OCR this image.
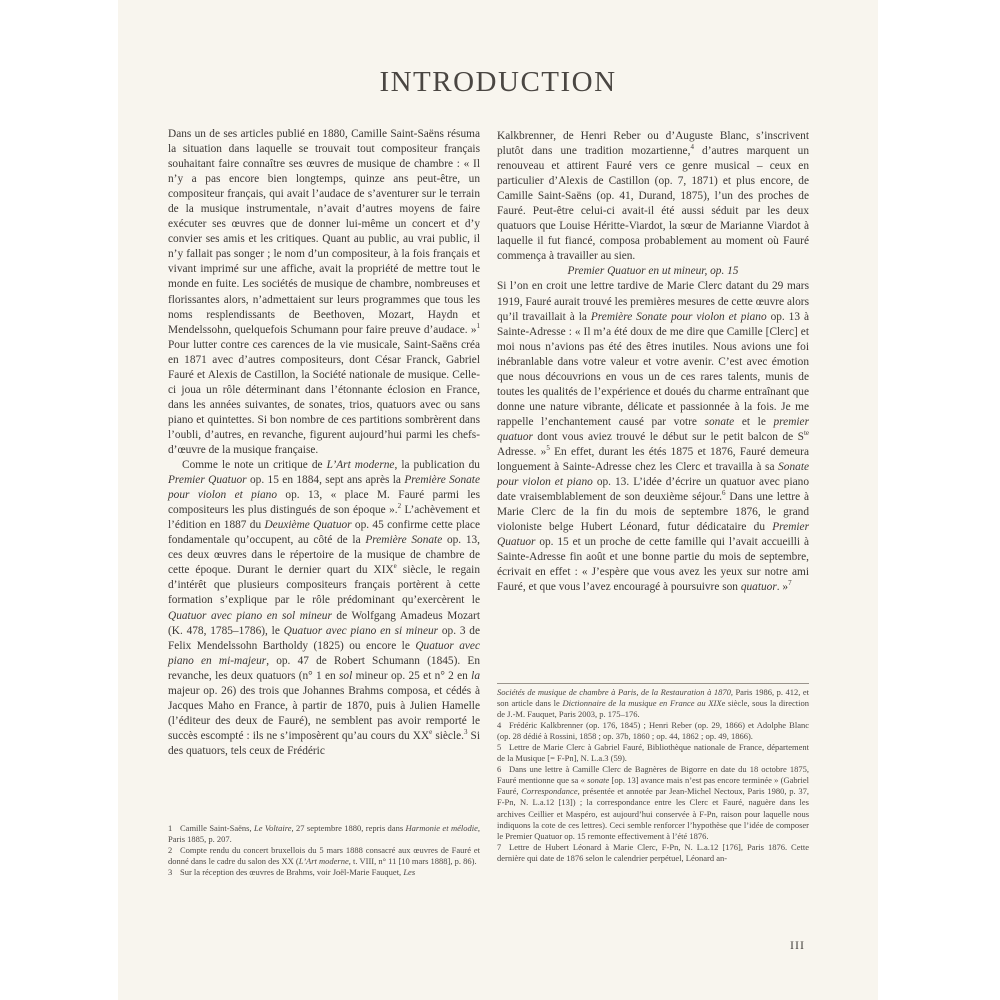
INTRODUCTION

Dans un de ses articles publié en 1880, Camille Saint-Saëns résuma la situation dans laquelle se trouvait tout compositeur français souhaitant faire connaître ses œuvres de musique de chambre : « Il n’y a pas encore bien longtemps, quinze ans peut-être, un compositeur français, qui avait l’audace de s’aventurer sur le terrain de la musique instrumentale, n’avait d’autres moyens de faire exécuter ses œuvres que de donner lui-même un concert et d’y convier ses amis et les critiques. Quant au public, au vrai public, il n’y fallait pas songer ; le nom d’un compositeur, à la fois français et vivant imprimé sur une affiche, avait la propriété de mettre tout le monde en fuite. Les sociétés de musique de chambre, nombreuses et florissantes alors, n’admettaient sur leurs programmes que tous les noms resplendissants de Beethoven, Mozart, Haydn et Mendelssohn, quelquefois Schumann pour faire preuve d’audace. »$^1$ Pour lutter contre ces carences de la vie musicale, Saint-Saëns créa en 1871 avec d’autres compositeurs, dont César Franck, Gabriel Fauré et Alexis de Castillon, la Société nationale de musique. Celle-ci joua un rôle déterminant dans l’étonnante éclosion en France, dans les années suivantes, de sonates, trios, quatuors avec ou sans piano et quintettes. Si bon nombre de ces partitions sombrèrent dans l’oubli, d’autres, en revanche, figurent aujourd’hui parmi les chefs-d’œuvre de la musique française.

Comme le note un critique de L’Art moderne, la publication du Premier Quatuor op. 15 en 1884, sept ans après la Première Sonate pour violon et piano op. 13, « place M. Fauré parmi les compositeurs les plus distingués de son époque ».$^2$ L’achèvement et l’édition en 1887 du Deuxième Quatuor op. 45 confirme cette place fondamentale qu’occupent, au côté de la Première Sonate op. 13, ces deux œuvres dans le répertoire de la musique de chambre de cette époque. Durant le dernier quart du XIXe siècle, le regain d’intérêt que plusieurs compositeurs français portèrent à cette formation s’explique par le rôle prédominant qu’exercèrent le Quatuor avec piano en sol mineur de Wolfgang Amadeus Mozart (K. 478, 1785–1786), le Quatuor avec piano en si mineur op. 3 de Felix Mendelssohn Bartholdy (1825) ou encore le Quatuor avec piano en mi-majeur, op. 47 de Robert Schumann (1845). En revanche, les deux quatuors (n° 1 en sol mineur op. 25 et n° 2 en la majeur op. 26) des trois que Johannes Brahms composa, et cédés à Jacques Maho en France, à partir de 1870, puis à Julien Hamelle (l’éditeur des deux de Fauré), ne semblent pas avoir remporté le succès escompté : ils ne s’imposèrent qu’au cours du XXe siècle.$^3$ Si des quatuors, tels ceux de Frédéric

1 Camille Saint-Saëns, Le Voltaire, 27 septembre 1880, repris dans Harmonie et mélodie, Paris 1885, p. 207.

2 Compte rendu du concert bruxellois du 5 mars 1888 consacré aux œuvres de Fauré et donné dans le cadre du salon des XX (L’Art moderne, t. VIII, n° 11 [10 mars 1888], p. 86).

3 Sur la réception des œuvres de Brahms, voir Joël-Marie Fauquet, Les

Kalkbrenner, de Henri Reber ou d’Auguste Blanc, s’inscrivent plutôt dans une tradition mozartienne,$^4$ d’autres marquent un renouveau et attirent Fauré vers ce genre musical – ceux en particulier d’Alexis de Castillon (op. 7, 1871) et plus encore, de Camille Saint-Saëns (op. 41, Durand, 1875), l’un des proches de Fauré. Peut-être celui-ci avait-il été aussi séduit par les deux quatuors que Louise Héritte-Viardot, la sœur de Marianne Viardot à laquelle il fut fiancé, composa probablement au moment où Fauré commença à travailler au sien.

Premier Quatuor en ut mineur, op. 15

Si l’on en croit une lettre tardive de Marie Clerc datant du 29 mars 1919, Fauré aurait trouvé les premières mesures de cette œuvre alors qu’il travaillait à la Première Sonate pour violon et piano op. 13 à Sainte-Adresse : « Il m’a été doux de me dire que Camille [Clerc] et moi nous n’avions pas été des êtres inutiles. Nous avions une foi inébranlable dans votre valeur et votre avenir. C’est avec émotion que nous découvrions en vous un de ces rares talents, munis de toutes les qualités de l’expérience et doués du charme entraînant que donne une nature vibrante, délicate et passionnée à la fois. Je me rappelle l’enchantement causé par votre sonate et le premier quatuor dont vous aviez trouvé le début sur le petit balcon de $S^{te}$ Adresse. »$^5$ En effet, durant les étés 1875 et 1876, Fauré demeura longuement à Sainte-Adresse chez les Clerc et travailla à sa Sonate pour violon et piano op. 13. L’idée d’écrire un quatuor avec piano date vraisemblablement de son deuxième séjour.$^6$ Dans une lettre à Marie Clerc de la fin du mois de septembre 1876, le grand violoniste belge Hubert Léonard, futur dédicataire du Premier Quatuor op. 15 et un proche de cette famille qui l’avait accueilli à Sainte-Adresse fin août et une bonne partie du mois de septembre, écrivait en effet : « J’espère que vous avez les yeux sur notre ami Fauré, et que vous l’avez encouragé à poursuivre son quatuor. »$^7$

Sociétés de musique de chambre à Paris, de la Restauration à 1870, Paris 1986, p. 412, et son article dans le Dictionnaire de la musique en France au XIXe siècle, sous la direction de J.-M. Fauquet, Paris 2003, p. 175–176.

4 Frédéric Kalkbrenner (op. 176, 1845) ; Henri Reber (op. 29, 1866) et Adolphe Blanc (op. 28 dédié à Rossini, 1858 ; op. 37b, 1860 ; op. 44, 1862 ; op. 49, 1866).

5 Lettre de Marie Clerc à Gabriel Fauré, Bibliothèque nationale de France, département de la Musique [= F-Pn], N. L.a.3 (59).

6 Dans une lettre à Camille Clerc de Bagnères de Bigorre en date du 18 octobre 1875, Fauré mentionne que sa « sonate [op. 13] avance mais n’est pas encore terminée » (Gabriel Fauré, Correspondance, présentée et annotée par Jean-Michel Nectoux, Paris 1980, p. 37, F-Pn, N. L.a.12 [13]) ; la correspondance entre les Clerc et Fauré, naguère dans les archives Ceillier et Maspéro, est aujourd’hui conservée à F-Pn, raison pour laquelle nous indiquons la cote de ces lettres). Ceci semble renforcer l’hypothèse que l’idée de composer le Premier Quatuor op. 15 remonte effectivement à l’été 1876.

7 Lettre de Hubert Léonard à Marie Clerc, F-Pn, N. L.a.12 [176], Paris 1876. Cette dernière qui date de 1876 selon le calendrier perpétuel, Léonard an-

III
